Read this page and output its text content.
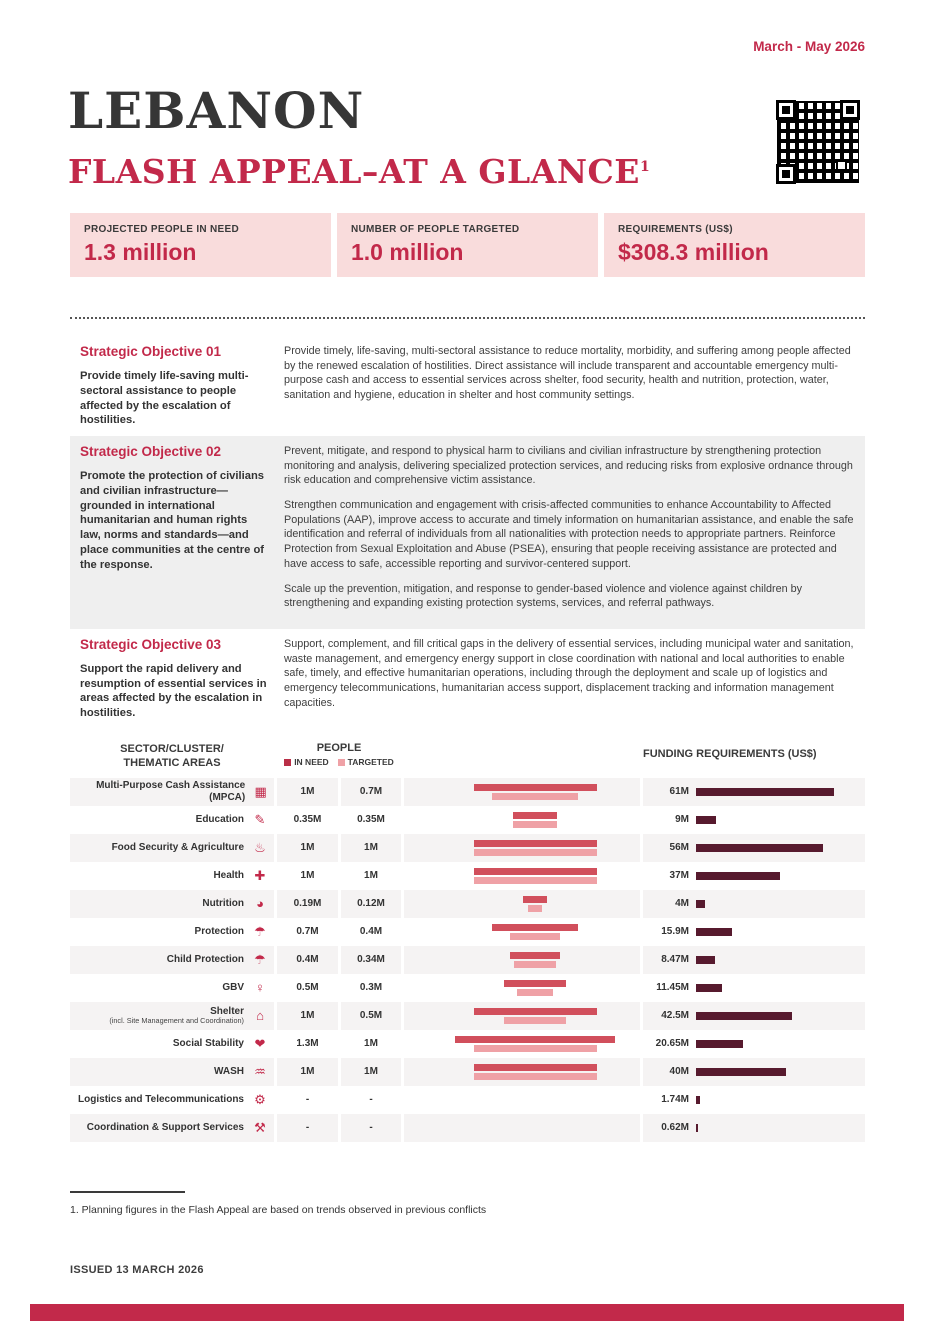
March - May 2026
LEBANON
FLASH APPEAL–AT A GLANCE$^1$
PROJECTED PEOPLE IN NEED
1.3 million
NUMBER OF PEOPLE TARGETED
1.0 million
REQUIREMENTS (US$)
$308.3 million
Strategic Objective 01
Provide timely life-saving multi-sectoral assistance to people affected by the escalation of hostilities.

Provide timely, life-saving, multi-sectoral assistance to reduce mortality, morbidity, and suffering among people affected by the renewed escalation of hostilities. Direct assistance will include transparent and accountable emergency multi-purpose cash and access to essential services across shelter, food security, health and nutrition, protection, water, sanitation and hygiene, education in shelter and host community settings.

Strategic Objective 02
Promote the protection of civilians and civilian infrastructure—grounded in international humanitarian and human rights law, norms and standards—and place communities at the centre of the response.

Prevent, mitigate, and respond to physical harm to civilians and civilian infrastructure by strengthening protection monitoring and analysis, delivering specialized protection services, and reducing risks from explosive ordnance through risk education and comprehensive victim assistance.

Strengthen communication and engagement with crisis-affected communities to enhance Accountability to Affected Populations (AAP), improve access to accurate and timely information on humanitarian assistance, and enable the safe identification and referral of individuals from all nationalities with protection needs to appropriate partners. Reinforce Protection from Sexual Exploitation and Abuse (PSEA), ensuring that people receiving assistance are protected and have access to safe, accessible reporting and survivor-centered support.

Scale up the prevention, mitigation, and response to gender-based violence and violence against children by strengthening and expanding existing protection systems, services, and referral pathways.

Strategic Objective 03
Support the rapid delivery and resumption of essential services in areas affected by the escalation in hostilities.

Support, complement, and fill critical gaps in the delivery of essential services, including municipal water and sanitation, waste management, and emergency energy support in close coordination with national and local authorities to enable safe, timely, and effective humanitarian operations, including through the deployment and scale up of logistics and emergency telecommunications, humanitarian access support, displacement tracking and information management capacities.

SECTOR/CLUSTER/
THEMATIC AREAS
PEOPLE
IN NEED TARGETED
FUNDING REQUIREMENTS (US$)
Multi-Purpose Cash Assistance (MPCA) ▦	1M	0.7M	61M
Education ✎	0.35M	0.35M	9M
Food Security & Agriculture ♨	1M	1M	56M
Health ✚	1M	1M	37M
Nutrition ◕	0.19M	0.12M	4M
Protection ☂	0.7M	0.4M	15.9M
Child Protection ☂	0.4M	0.34M	8.47M
GBV ♀	0.5M	0.3M	11.45M
Shelter
(incl. Site Management and Coordination) ⌂	1M	0.5M	42.5M
Social Stability ❤	1.3M	1M	20.65M
WASH ♒	1M	1M	40M
Logistics and Telecommunications ⚙	-	-	1.74M
Coordination & Support Services ⚒	-	-	0.62M
1. Planning figures in the Flash Appeal are based on trends observed in previous conflicts
ISSUED 13 MARCH 2026
